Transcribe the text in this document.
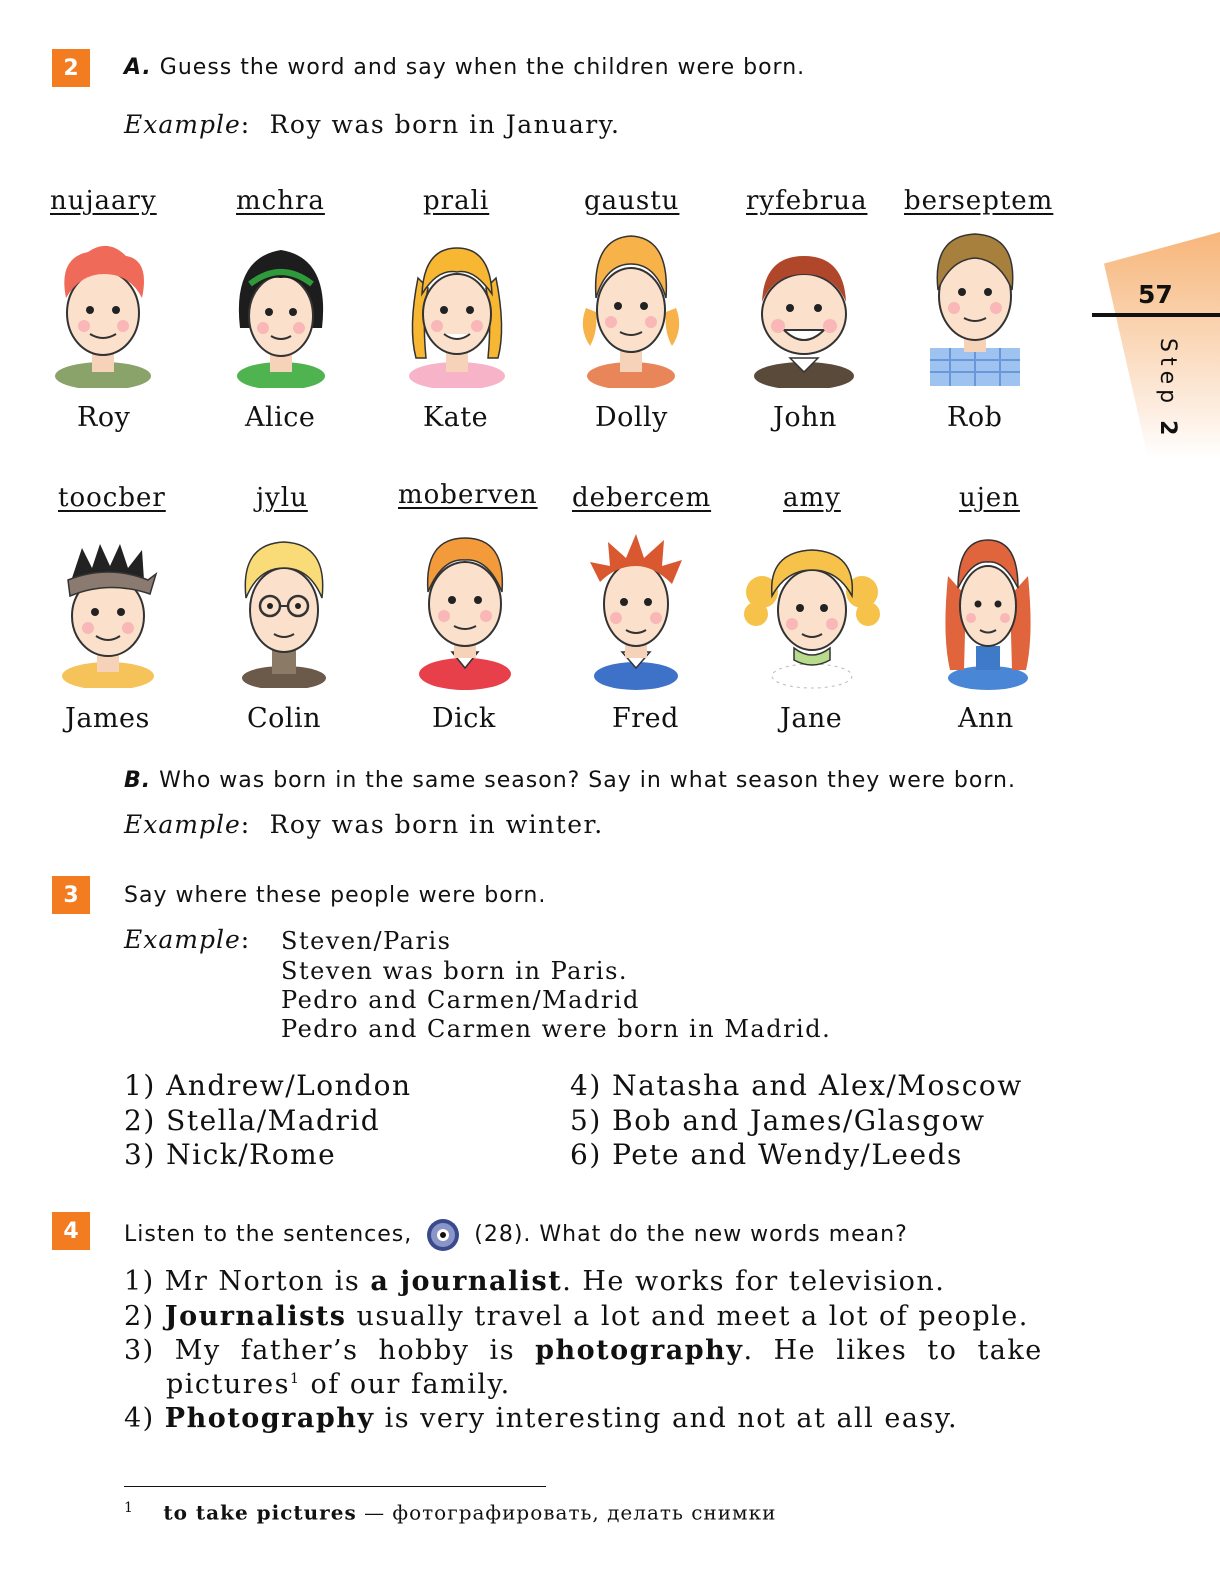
57
Step 2
2	A. Guess the word and say when the children were born.
Example:  Roy was born in January.
nujaary	mchra	prali	gaustu	ryfebrua berseptem
Roy	Alice	Kate	Dolly	John	Rob
toocber	jylu	moberven debercem	amy	ujen
James	Colin	Dick	Fred	Jane	Ann
B. Who was born in the same season? Say in what season they were born.
Example:  Roy was born in winter.
3	Say where these people were born.
Example: Steven/Paris
Steven was born in Paris.
Pedro and Carmen/Madrid
Pedro and Carmen were born in Madrid.
1) Andrew/London
2) Stella/Madrid
3) Nick/Rome
4) Natasha and Alex/Moscow
5) Bob and James/Glasgow
6) Pete and Wendy/Leeds
4	Listen to the sentences,	(28). What do the new words mean?
1) Mr Norton is a journalist. He works for television.
2) Journalists usually travel a lot and meet a lot of people.
3) My father’s hobby is photography. He likes to take
pictures$^1$ of our family.
4) Photography is very interesting and not at all easy.
$^1$ to take pictures — фотографировать, делать снимки
